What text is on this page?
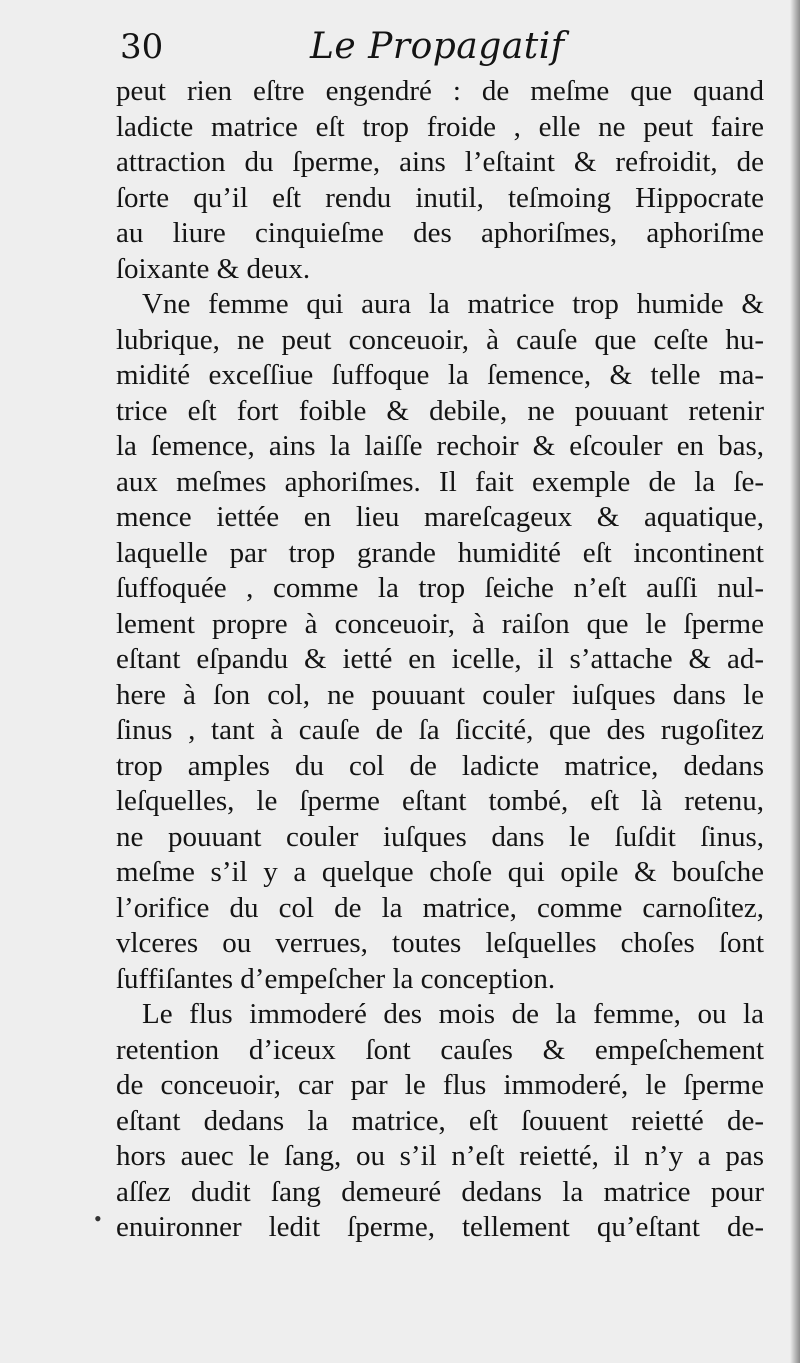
30	Le Propagatif
•
peut rien eſtre engendré : de meſme que quand
ladicte matrice eſt trop froide , elle ne peut faire
attraction du ſperme, ains l’eſtaint & refroidit, de
ſorte qu’il eſt rendu inutil, teſmoing Hippocrate
au liure cinquieſme des aphoriſmes, aphoriſme
ſoixante & deux.
Vne femme qui aura la matrice trop humide &
lubrique, ne peut conceuoir, à cauſe que ceſte hu-
midité exceſſiue ſuffoque la ſemence, & telle ma-
trice eſt fort foible & debile, ne pouuant retenir
la ſemence, ains la laiſſe rechoir & eſcouler en bas,
aux meſmes aphoriſmes. Il fait exemple de la ſe-
mence iettée en lieu mareſcageux & aquatique,
laquelle par trop grande humidité eſt incontinent
ſuffoquée , comme la trop ſeiche n’eſt auſſi nul-
lement propre à conceuoir, à raiſon que le ſperme
eſtant eſpandu & ietté en icelle, il s’attache & ad-
here à ſon col, ne pouuant couler iuſques dans le
ſinus , tant à cauſe de ſa ſiccité, que des rugoſitez
trop amples du col de ladicte matrice, dedans
leſquelles, le ſperme eſtant tombé, eſt là retenu,
ne pouuant couler iuſques dans le ſuſdit ſinus,
meſme s’il y a quelque choſe qui opile & bouſche
l’orifice du col de la matrice, comme carnoſitez,
vlceres ou verrues, toutes leſquelles choſes ſont
ſuffiſantes d’empeſcher la conception.
Le flus immoderé des mois de la femme, ou la
retention d’iceux ſont cauſes & empeſchement
de conceuoir, car par le flus immoderé, le ſperme
eſtant dedans la matrice, eſt ſouuent reietté de-
hors auec le ſang, ou s’il n’eſt reietté, il n’y a pas
aſſez dudit ſang demeuré dedans la matrice pour
enuironner ledit ſperme, tellement qu’eſtant de-
